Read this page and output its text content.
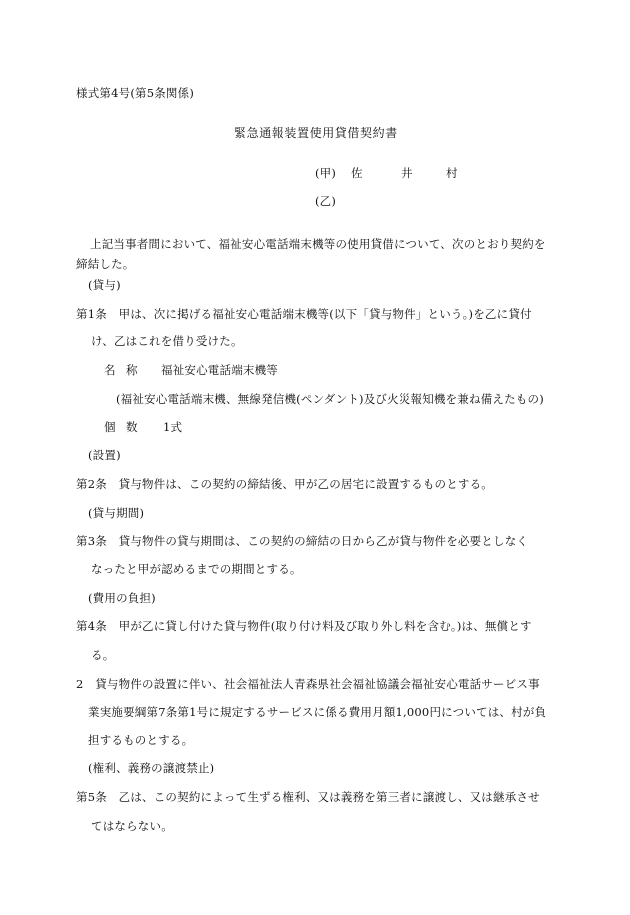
様式第4号(第5条関係)
緊急通報装置使用貸借契約書
(甲)	佐	井	村
(乙)
上記当事者間において、福祉安心電話端末機等の使用貸借について、次のとおり契約を
締結した。
(貸与)
第1条　甲は、次に掲げる福祉安心電話端末機等(以下「貸与物件」という。)を乙に貸付
け、乙はこれを借り受けた。
名 称 福祉安心電話端末機等
(福祉安心電話端末機、無線発信機(ペンダント)及び火災報知機を兼ね備えたもの)
個 数 1式
(設置)
第2条　貸与物件は、この契約の締結後、甲が乙の居宅に設置するものとする。
(貸与期間)
第3条　貸与物件の貸与期間は、この契約の締結の日から乙が貸与物件を必要としなく
なったと甲が認めるまでの期間とする。
(費用の負担)
第4条　甲が乙に貸し付けた貸与物件(取り付け料及び取り外し料を含む。)は、無償とす
る。
2　貸与物件の設置に伴い、社会福祉法人青森県社会福祉協議会福祉安心電話サービス事
業実施要綱第7条第1号に規定するサービスに係る費用月額1,000円については、村が負
担するものとする。
(権利、義務の譲渡禁止)
第5条　乙は、この契約によって生ずる権利、又は義務を第三者に譲渡し、又は継承させ
てはならない。
